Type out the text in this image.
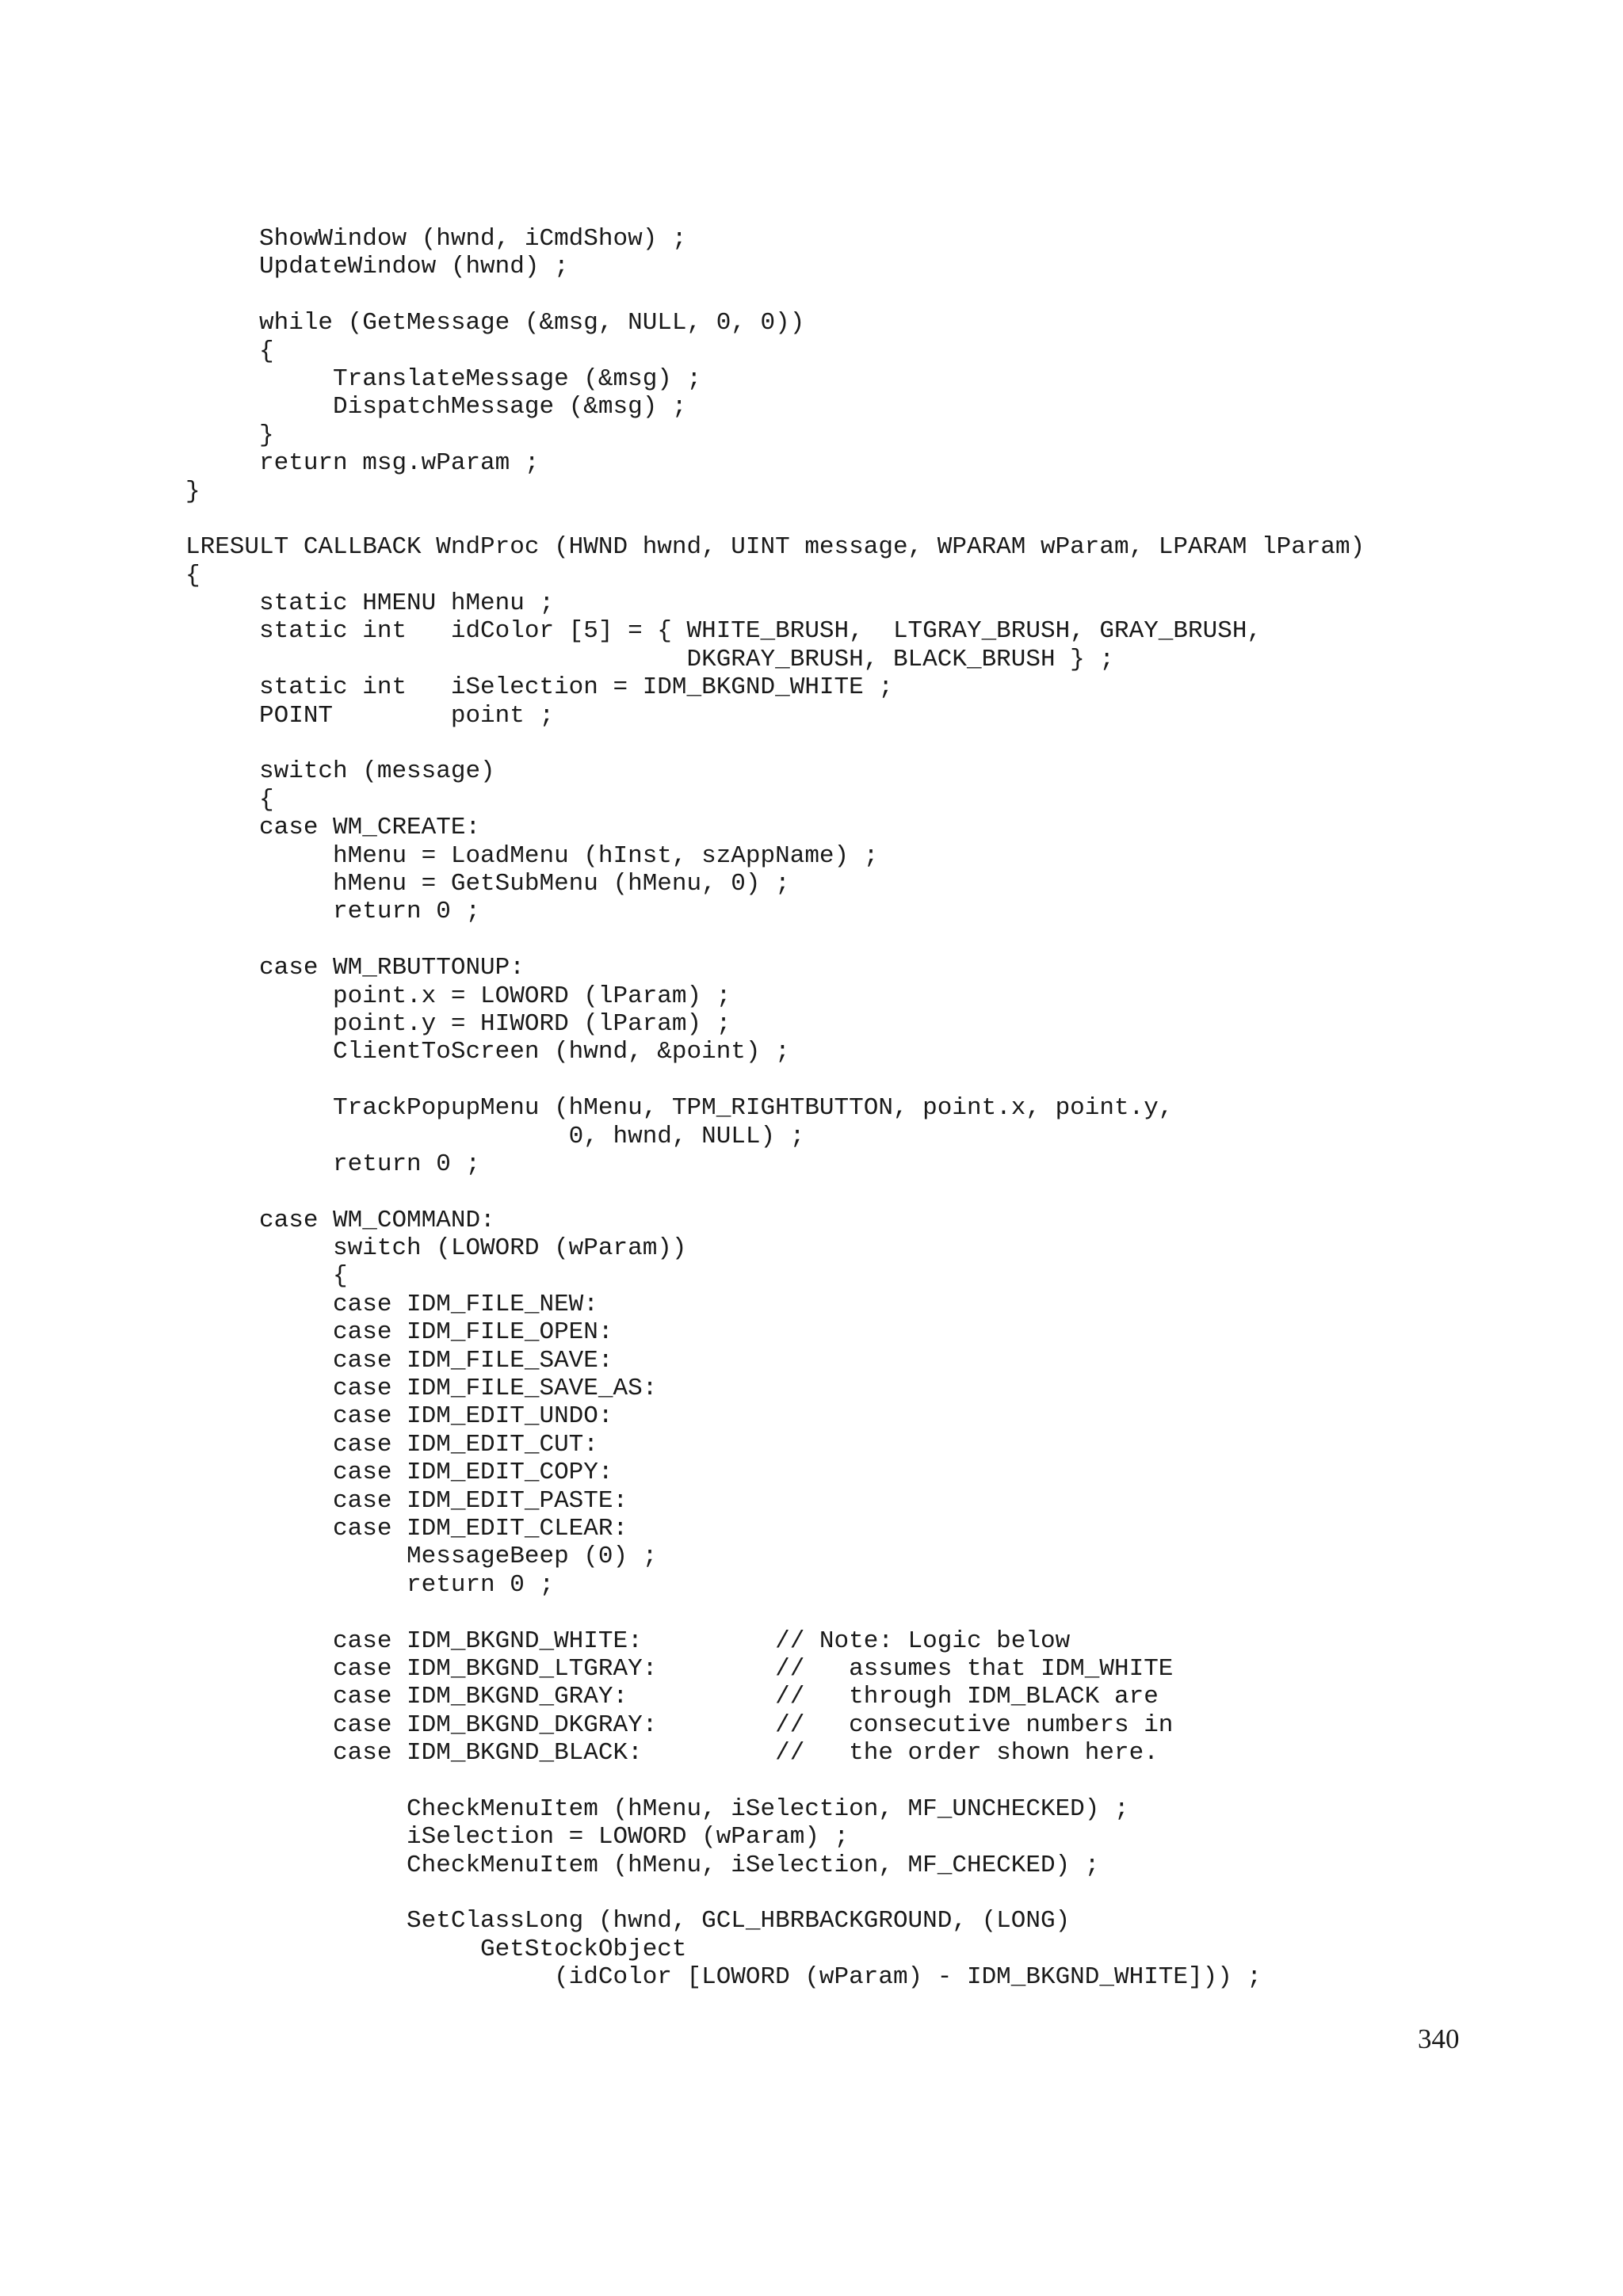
ShowWindow (hwnd, iCmdShow) ;
UpdateWindow (hwnd) ;
while (GetMessage (&msg, NULL, 0, 0))
{
TranslateMessage (&msg) ;
DispatchMessage (&msg) ;
}
return msg.wParam ;
}
LRESULT CALLBACK WndProc (HWND hwnd, UINT message, WPARAM wParam, LPARAM lParam)
{
static HMENU hMenu ;
static int   idColor [5] = { WHITE_BRUSH,  LTGRAY_BRUSH, GRAY_BRUSH,
DKGRAY_BRUSH, BLACK_BRUSH } ;
static int   iSelection = IDM_BKGND_WHITE ;
POINT        point ;
switch (message)
{
case WM_CREATE:
hMenu = LoadMenu (hInst, szAppName) ;
hMenu = GetSubMenu (hMenu, 0) ;
return 0 ;
case WM_RBUTTONUP:
point.x = LOWORD (lParam) ;
point.y = HIWORD (lParam) ;
ClientToScreen (hwnd, &point) ;
TrackPopupMenu (hMenu, TPM_RIGHTBUTTON, point.x, point.y,
0, hwnd, NULL) ;
return 0 ;
case WM_COMMAND:
switch (LOWORD (wParam))
{
case IDM_FILE_NEW:
case IDM_FILE_OPEN:
case IDM_FILE_SAVE:
case IDM_FILE_SAVE_AS:
case IDM_EDIT_UNDO:
case IDM_EDIT_CUT:
case IDM_EDIT_COPY:
case IDM_EDIT_PASTE:
case IDM_EDIT_CLEAR:
MessageBeep (0) ;
return 0 ;
case IDM_BKGND_WHITE:         // Note: Logic below
case IDM_BKGND_LTGRAY:        //   assumes that IDM_WHITE
case IDM_BKGND_GRAY:          //   through IDM_BLACK are
case IDM_BKGND_DKGRAY:        //   consecutive numbers in
case IDM_BKGND_BLACK:         //   the order shown here.
CheckMenuItem (hMenu, iSelection, MF_UNCHECKED) ;
iSelection = LOWORD (wParam) ;
CheckMenuItem (hMenu, iSelection, MF_CHECKED) ;
SetClassLong (hwnd, GCL_HBRBACKGROUND, (LONG)
GetStockObject
(idColor [LOWORD (wParam) - IDM_BKGND_WHITE])) ;
340
